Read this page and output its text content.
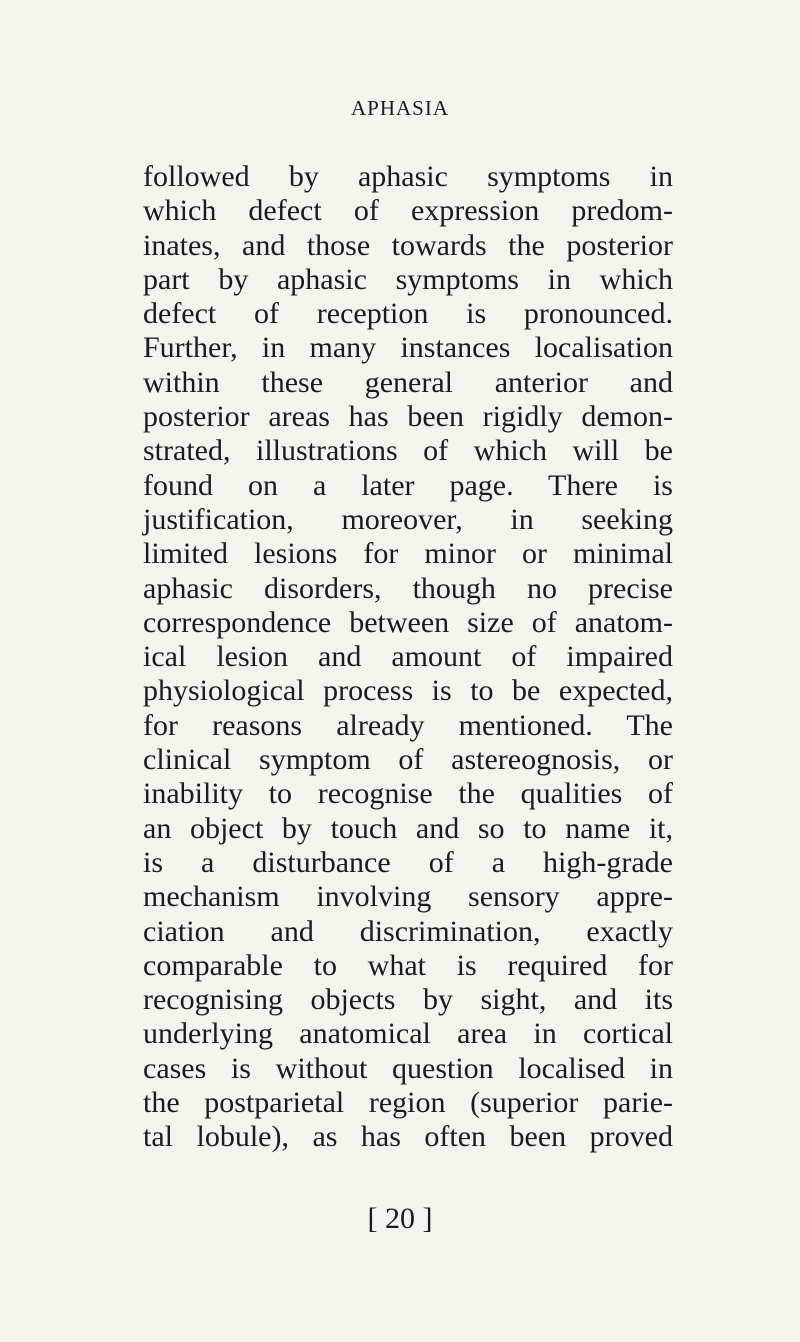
APHASIA
followed by aphasic symptoms in
which defect of expression predom-
inates, and those towards the posterior
part by aphasic symptoms in which
defect of reception is pronounced.
Further, in many instances localisation
within these general anterior and
posterior areas has been rigidly demon-
strated, illustrations of which will be
found on a later page. There is
justification, moreover, in seeking
limited lesions for minor or minimal
aphasic disorders, though no precise
correspondence between size of anatom-
ical lesion and amount of impaired
physiological process is to be expected,
for reasons already mentioned. The
clinical symptom of astereognosis, or
inability to recognise the qualities of
an object by touch and so to name it,
is a disturbance of a high-grade
mechanism involving sensory appre-
ciation and discrimination, exactly
comparable to what is required for
recognising objects by sight, and its
underlying anatomical area in cortical
cases is without question localised in
the postparietal region (superior parie-
tal lobule), as has often been proved
[ 20 ]
